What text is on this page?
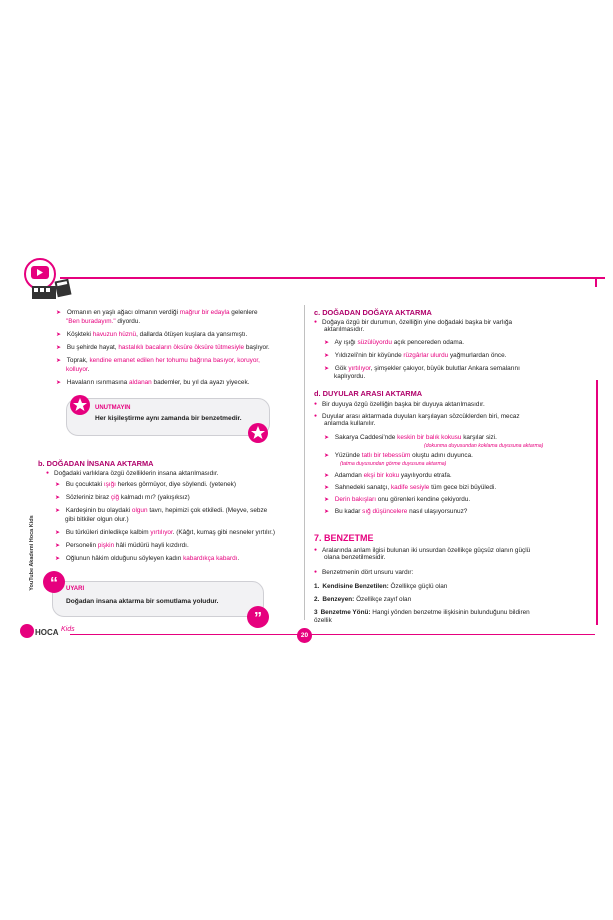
➤ Ormanın en yaşlı ağacı olmanın verdiği mağrur bir edayla gelenlere
"Ben buradayım." diyordu.
➤ Köşkteki havuzun hüznü, dallarda ötüşen kuşlara da yansımıştı.
➤ Bu şehirde hayat, hastalıklı bacaların öksüre öksüre tütmesiyle başlıyor.
➤ Toprak, kendine emanet edilen her tohumu bağrına basıyor, koruyor,
kolluyor.
➤ Havaların ısınmasına aldanan bademler, bu yıl da ayazı yiyecek.
UNUTMAYIN
Her kişileştirme aynı zamanda bir benzetmedir.
b. DOĞADAN İNSANA AKTARMA
● Doğadaki varlıklara özgü özelliklerin insana aktarılmasıdır.
➤ Bu çocuktaki ışığı herkes görmüyor, diye söylendi. (yetenek)
➤ Sözleriniz biraz çiğ kalmadı mı? (yakışıksız)
➤ Kardeşinin bu olaydaki olgun tavrı, hepimizi çok etkiledi. (Meyve, sebze
gibi bitkiler olgun olur.)
➤ Bu türküleri dinledikçe kalbim yırtılıyor. (Kâğıt, kumaş gibi nesneler yırtılır.)
➤ Personelin pişkin hâli müdürü hayli kızdırdı.
➤ Oğlunun hâkim olduğunu söyleyen kadın kabardıkça kabardı.
“
”
UYARI
Doğadan insana aktarma bir somutlama yoludur.
c. DOĞADAN DOĞAYA AKTARMA
● Doğaya özgü bir durumun, özelliğin yine doğadaki başka bir varlığa
aktarılmasıdır.
➤ Ay ışığı süzülüyordu açık pencereden odama.
➤ Yıldızeli'nin bir köyünde rüzgârlar ulurdu yağmurlardan önce.
➤ Gök yırtılıyor, şimşekler çakıyor, büyük bulutlar Ankara semalarını
kaplıyordu.
d. DUYULAR ARASI AKTARMA
● Bir duyuya özgü özelliğin başka bir duyuya aktarılmasıdır.
● Duyular arası aktarmada duyuları karşılayan sözcüklerden biri, mecaz
anlamda kullanılır.
➤ Sakarya Caddesi'nde keskin bir balık kokusu karşılar sizi.
(dokunma duyusundan koklama duyusuna aktarma)
➤ Yüzünde tatlı bir tebessüm oluştu adını duyunca.
(tatma duyusundan görme duyusuna aktarma)
➤ Adamdan ekşi bir koku yayılıyordu etrafa.
➤ Sahnedeki sanatçı, kadife sesiyle tüm gece bizi büyüledi.
➤ Derin bakışları onu görenleri kendine çekiyordu.
➤ Bu kadar sığ düşüncelere nasıl ulaşıyorsunuz?
7. BENZETME
● Aralarında anlam ilgisi bulunan iki unsurdan özellikçe güçsüz olanın güçlü
olana benzetilmesidir.
● Benzetmenin dört unsuru vardır:
1. Kendisine Benzetilen: Özellikçe güçlü olan
2. Benzeyen: Özellikçe zayıf olan
3 Benzetme Yönü: Hangi yönden benzetme ilişkisinin bulunduğunu bildiren
özellik
20
HOCA Kids
YouTube Akademi Hoca Kids
